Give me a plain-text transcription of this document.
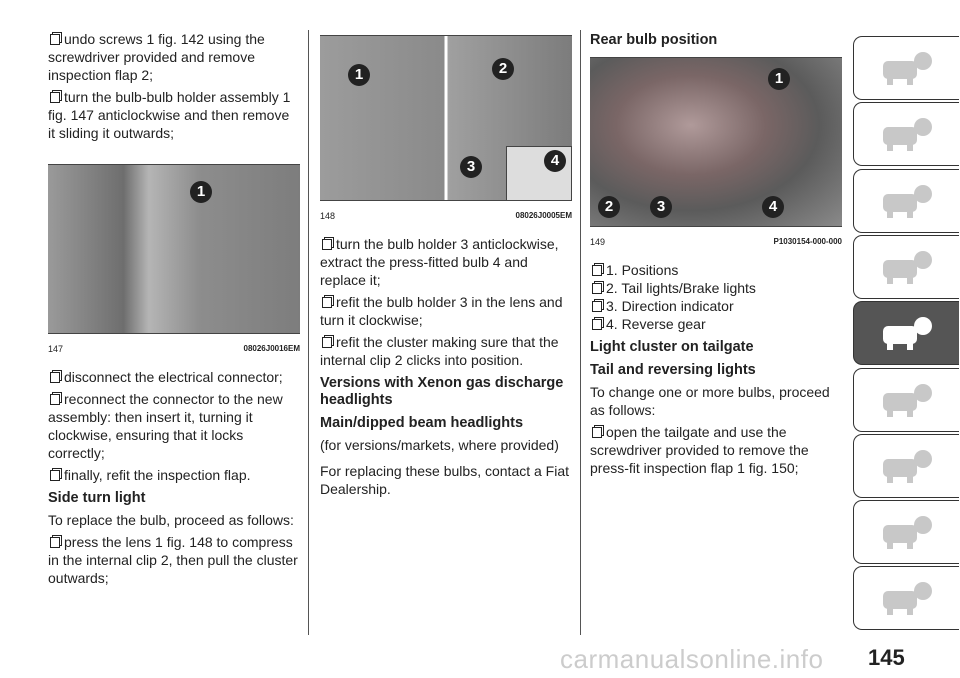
undo screws 1 fig. 142 using the screwdriver provided and remove inspection flap 2;

turn the bulb-bulb holder assembly 1 fig. 147 anticlockwise and then remove it sliding it outwards;

1
147	08026J0016EM

disconnect the electrical connector;

reconnect the connector to the new assembly: then insert it, turning it clockwise, ensuring that it locks correctly;

finally, refit the inspection flap.

Side turn light

To replace the bulb, proceed as follows:

press the lens 1 fig. 148 to compress in the internal clip 2, then pull the cluster outwards;

1	2
3	4
148	08026J0005EM

turn the bulb holder 3 anticlockwise, extract the press-fitted bulb 4 and replace it;

refit the bulb holder 3 in the lens and turn it clockwise;

refit the cluster making sure that the internal clip 2 clicks into position.

Versions with Xenon gas discharge headlights
Main/dipped beam headlights

(for versions/markets, where provided)

For replacing these bulbs, contact a Fiat Dealership.

Rear bulb position
1
2	3	4
149	P1030154-000-000

1. Positions

2. Tail lights/Brake lights

3. Direction indicator

4. Reverse gear

Light cluster on tailgate
Tail and reversing lights

To change one or more bulbs, proceed as follows:

open the tailgate and use the screwdriver provided to remove the press-fit inspection flap 1 fig. 150;

carmanualsonline.info 145
